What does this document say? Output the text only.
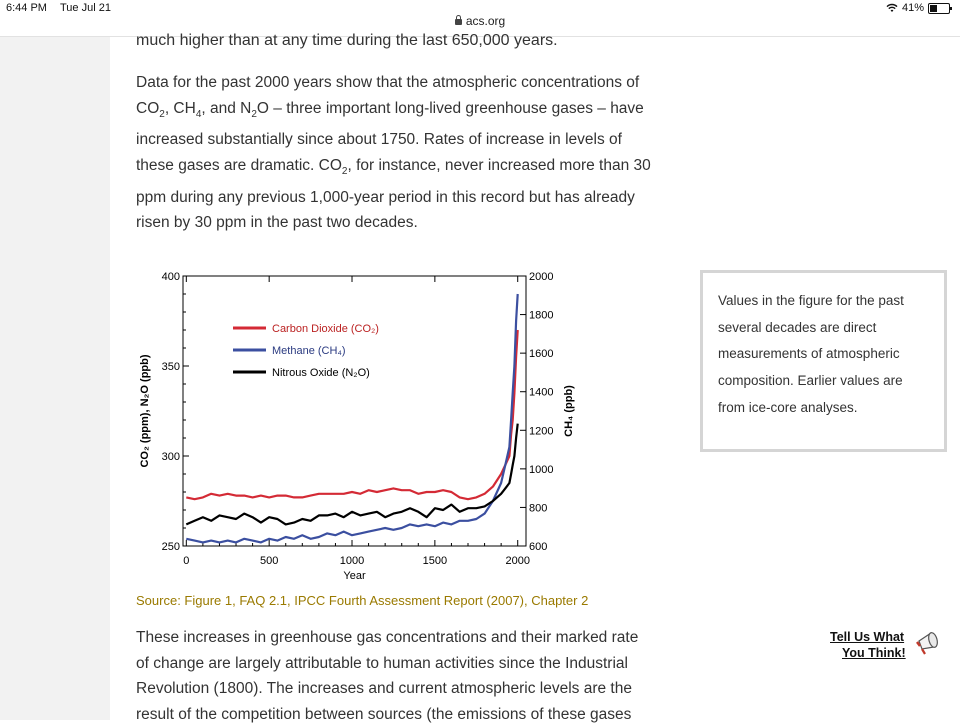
6:44 PM Tue Jul 21	41%
acs.org
much higher than at any time during the last 650,000 years.
Data for the past 2000 years show that the atmospheric concentrations of
$CO_2$, $CH_4$, and $N_2O$ – three important long-lived greenhouse gases – have
increased substantially since about 1750. Rates of increase in levels of
these gases are dramatic. $CO_2$, for instance, never increased more than 30
ppm during any previous 1,000-year period in this record but has already
risen by 30 ppm in the past two decades.
0	500	1000	1500	2000
250
300
350
400
600
800
1000
1200
1400
1600
1800
2000
Year
CO₂ (ppm), N₂O (ppb)	CH₄ (ppb)
Carbon Dioxide (CO₂)
Methane (CH₄)
Nitrous Oxide (N₂O)
Source: Figure 1, FAQ 2.1, IPCC Fourth Assessment Report (2007), Chapter 2
These increases in greenhouse gas concentrations and their marked rate
of change are largely attributable to human activities since the Industrial
Revolution (1800). The increases and current atmospheric levels are the
result of the competition between sources (the emissions of these gases
Values in the figure for the past
several decades are direct
measurements of atmospheric
composition. Earlier values are
from ice-core analyses.
Tell Us What
You Think!
